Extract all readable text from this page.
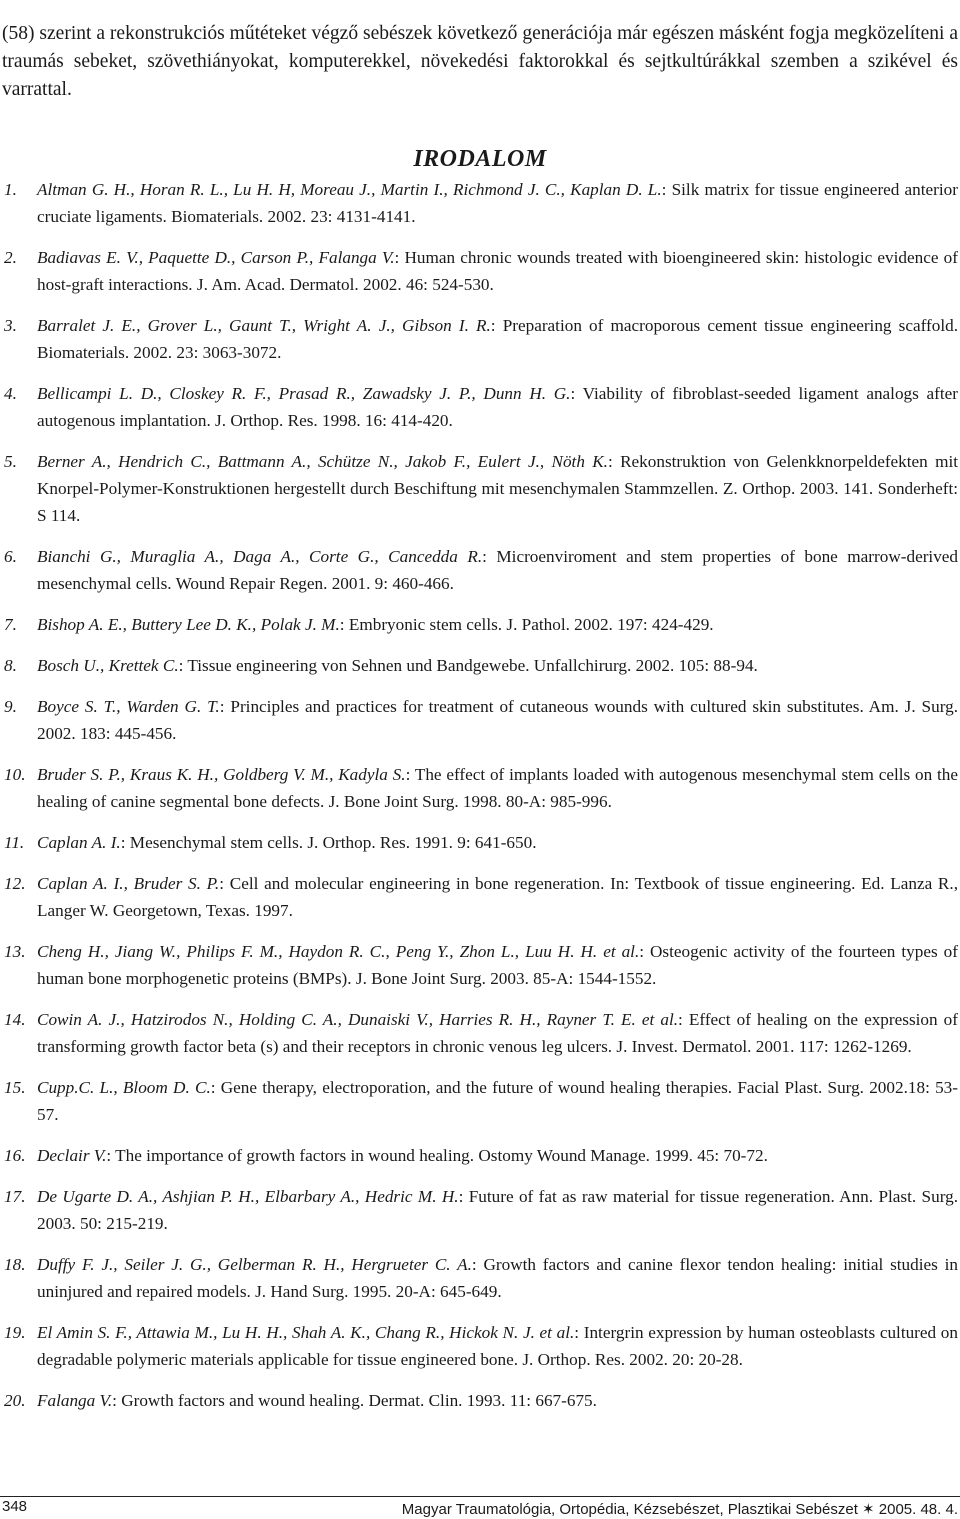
(58) szerint a rekonstrukciós műtéteket végző sebészek következő generációja már egészen másként fogja megközelíteni a traumás sebeket, szövethiányokat, komputerekkel, növekedési faktorokkal és sejtkultúrákkal szemben a szikével és varrattal.

IRODALOM
1. Altman G. H., Horan R. L., Lu H. H, Moreau J., Martin I., Richmond J. C., Kaplan D. L.: Silk matrix for tissue engineered anterior cruciate ligaments. Biomaterials. 2002. 23: 4131-4141.
2. Badiavas E. V., Paquette D., Carson P., Falanga V.: Human chronic wounds treated with bioengineered skin: histologic evidence of host-graft interactions. J. Am. Acad. Dermatol. 2002. 46: 524-530.
3. Barralet J. E., Grover L., Gaunt T., Wright A. J., Gibson I. R.: Preparation of macroporous cement tissue engineering scaffold. Biomaterials. 2002. 23: 3063-3072.
4. Bellicampi L. D., Closkey R. F., Prasad R., Zawadsky J. P., Dunn H. G.: Viability of fibroblast-seeded ligament analogs after autogenous implantation. J. Orthop. Res. 1998. 16: 414-420.
5. Berner A., Hendrich C., Battmann A., Schütze N., Jakob F., Eulert J., Nöth K.: Rekonstruktion von Gelenkknorpeldefekten mit Knorpel-Polymer-Konstruktionen hergestellt durch Beschiftung mit mesenchymalen Stammzellen. Z. Orthop. 2003. 141. Sonderheft: S 114.
6. Bianchi G., Muraglia A., Daga A., Corte G., Cancedda R.: Microenviroment and stem properties of bone marrow-derived mesenchymal cells. Wound Repair Regen. 2001. 9: 460-466.
7. Bishop A. E., Buttery Lee D. K., Polak J. M.: Embryonic stem cells. J. Pathol. 2002. 197: 424-429.
8. Bosch U., Krettek C.: Tissue engineering von Sehnen und Bandgewebe. Unfallchirurg. 2002. 105: 88-94.
9. Boyce S. T., Warden G. T.: Principles and practices for treatment of cutaneous wounds with cultured skin substitutes. Am. J. Surg. 2002. 183: 445-456.
10. Bruder S. P., Kraus K. H., Goldberg V. M., Kadyla S.: The effect of implants loaded with autogenous mesenchymal stem cells on the healing of canine segmental bone defects. J. Bone Joint Surg. 1998. 80-A: 985-996.
11. Caplan A. I.: Mesenchymal stem cells. J. Orthop. Res. 1991. 9: 641-650.
12. Caplan A. I., Bruder S. P.: Cell and molecular engineering in bone regeneration. In: Textbook of tissue engineering. Ed. Lanza R., Langer W. Georgetown, Texas. 1997.
13. Cheng H., Jiang W., Philips F. M., Haydon R. C., Peng Y., Zhon L., Luu H. H. et al.: Osteogenic activity of the fourteen types of human bone morphogenetic proteins (BMPs). J. Bone Joint Surg. 2003. 85-A: 1544-1552.
14. Cowin A. J., Hatzirodos N., Holding C. A., Dunaiski V., Harries R. H., Rayner T. E. et al.: Effect of healing on the expression of transforming growth factor beta (s) and their receptors in chronic venous leg ulcers. J. Invest. Dermatol. 2001. 117: 1262-1269.
15. Cupp.C. L., Bloom D. C.: Gene therapy, electroporation, and the future of wound healing therapies. Facial Plast. Surg. 2002.18: 53-57.
16. Declair V.: The importance of growth factors in wound healing. Ostomy Wound Manage. 1999. 45: 70-72.
17. De Ugarte D. A., Ashjian P. H., Elbarbary A., Hedric M. H.: Future of fat as raw material for tissue regeneration. Ann. Plast. Surg. 2003. 50: 215-219.
18. Duffy F. J., Seiler J. G., Gelberman R. H., Hergrueter C. A.: Growth factors and canine flexor tendon healing: initial studies in uninjured and repaired models. J. Hand Surg. 1995. 20-A: 645-649.
19. El Amin S. F., Attawia M., Lu H. H., Shah A. K., Chang R., Hickok N. J. et al.: Intergrin expression by human osteoblasts cultured on degradable polymeric materials applicable for tissue engineered bone. J. Orthop. Res. 2002. 20: 20-28.
20. Falanga V.: Growth factors and wound healing. Dermat. Clin. 1993. 11: 667-675.
348	Magyar Traumatológia, Ortopédia, Kézsebészet, Plasztikai Sebészet ✶ 2005. 48. 4.
